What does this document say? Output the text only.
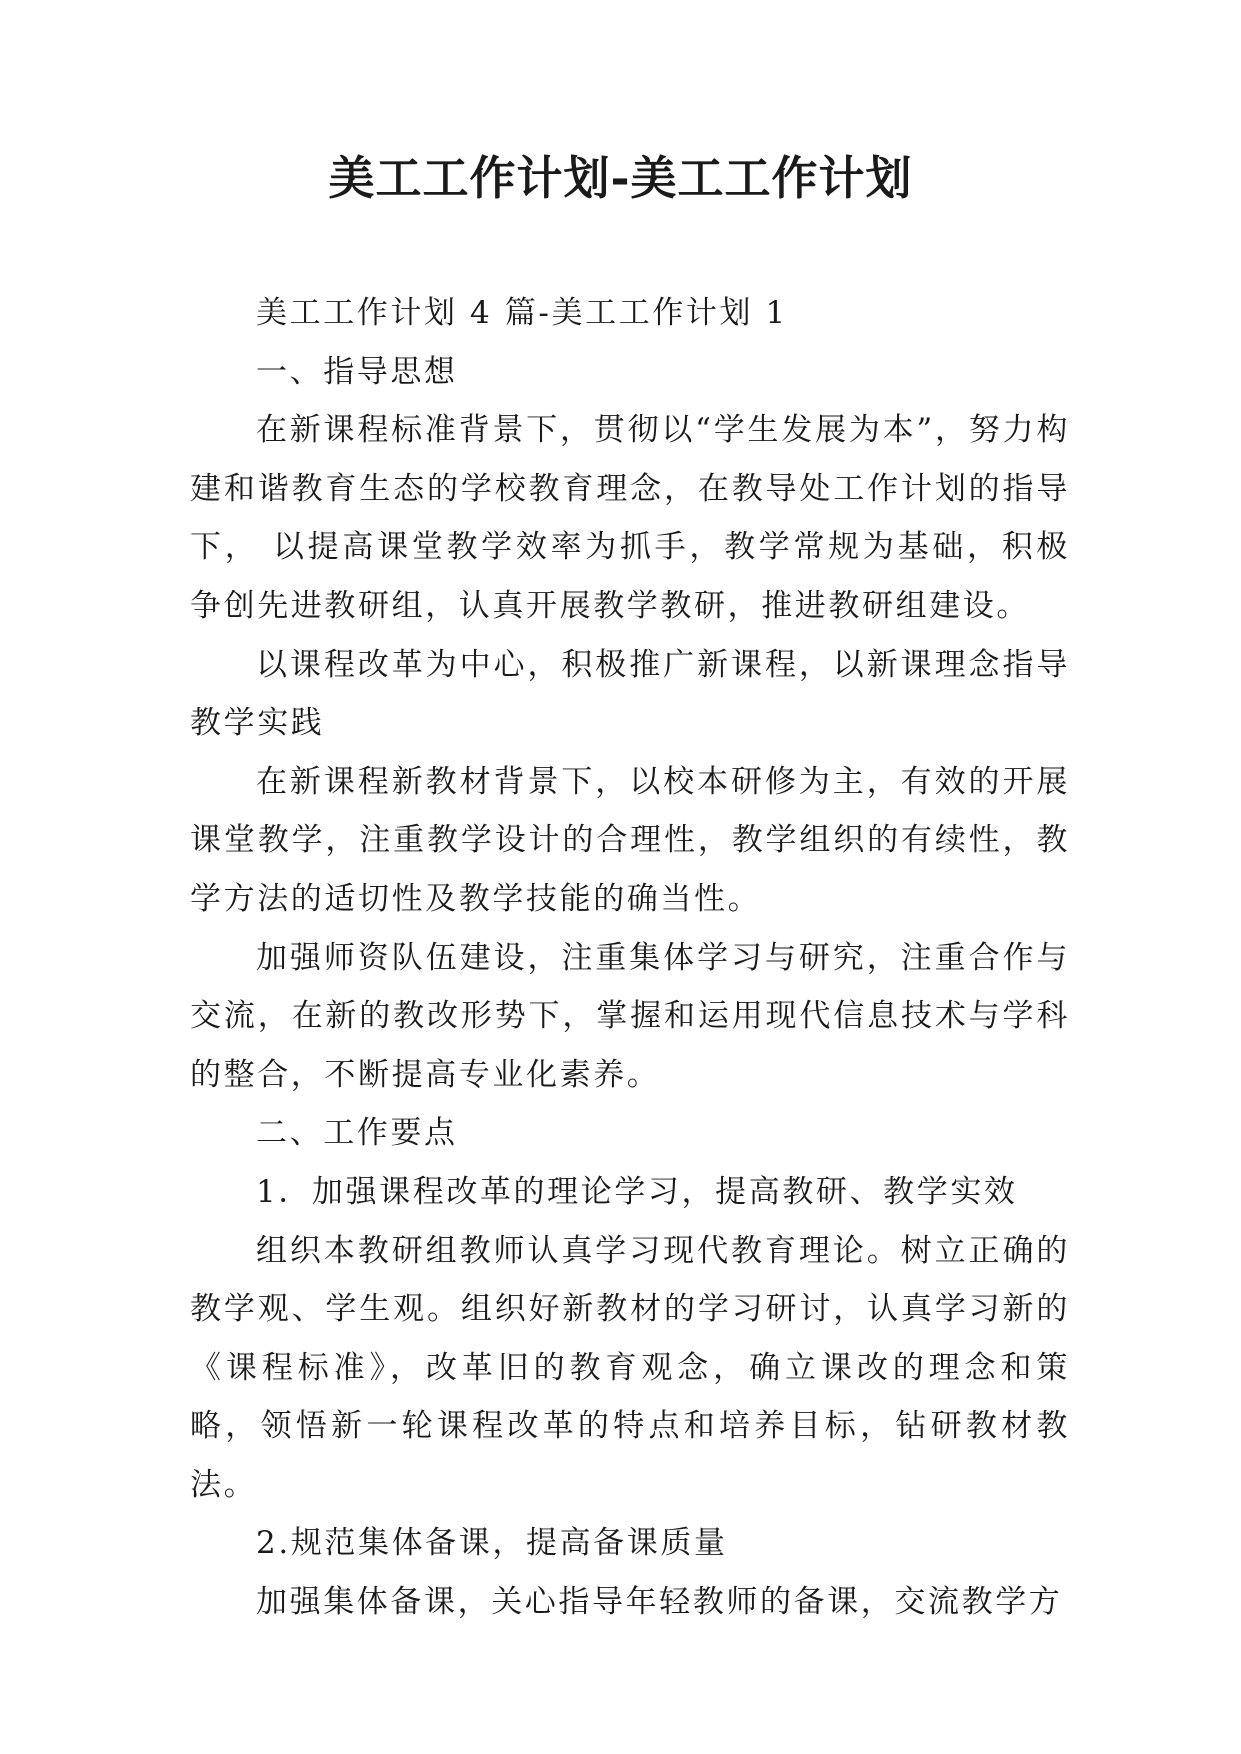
美工工作计划-美工工作计划

美工工作计划 4 篇-美工工作计划 1

一、指导思想

在新课程标准背景下，贯彻以“学生发展为本”，努力构建和谐教育生态的学校教育理念，在教导处工作计划的指导下， 以提高课堂教学效率为抓手，教学常规为基础，积极争创先进教研组，认真开展教学教研，推进教研组建设。

以课程改革为中心，积极推广新课程，以新课理念指导教学实践

在新课程新教材背景下，以校本研修为主，有效的开展课堂教学，注重教学设计的合理性，教学组织的有续性，教学方法的适切性及教学技能的确当性。

加强师资队伍建设，注重集体学习与研究，注重合作与交流，在新的教改形势下，掌握和运用现代信息技术与学科的整合，不断提高专业化素养。

二、工作要点

1．加强课程改革的理论学习，提高教研、教学实效

组织本教研组教师认真学习现代教育理论。树立正确的教学观、学生观。组织好新教材的学习研讨，认真学习新的《课程标准》，改革旧的教育观念，确立课改的理念和策略，领悟新一轮课程改革的特点和培养目标，钻研教材教法。

2.规范集体备课，提高备课质量

加强集体备课，关心指导年轻教师的备课，交流教学方
